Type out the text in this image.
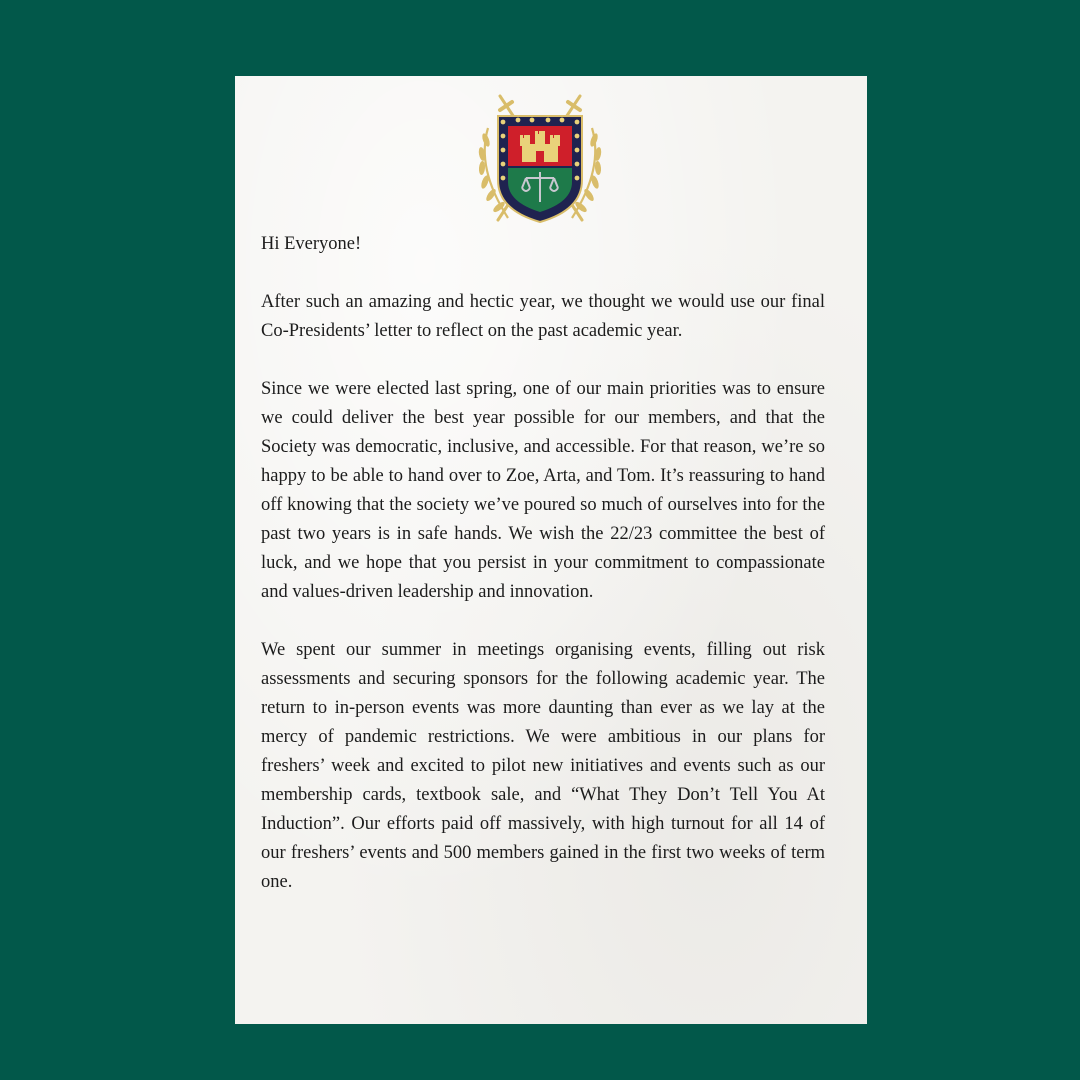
Hi Everyone!

After such an amazing and hectic year, we thought we would use our final Co-Presidents’ letter to reflect on the past academic year.

Since we were elected last spring, one of our main priorities was to ensure we could deliver the best year possible for our members, and that the Society was democratic, inclusive, and accessible. For that reason, we’re so happy to be able to hand over to Zoe, Arta, and Tom. It’s reassuring to hand off knowing that the society we’ve poured so much of ourselves into for the past two years is in safe hands. We wish the 22/23 committee the best of luck, and we hope that you persist in your commitment to compassionate and values-driven leadership and innovation.

We spent our summer in meetings organising events, filling out risk assessments and securing sponsors for the following academic year. The return to in-person events was more daunting than ever as we lay at the mercy of pandemic restrictions. We were ambitious in our plans for freshers’ week and excited to pilot new initiatives and events such as our membership cards, textbook sale, and “What They Don’t Tell You At Induction”. Our efforts paid off massively, with high turnout for all 14 of our freshers’ events and 500 members gained in the first two weeks of term one.
